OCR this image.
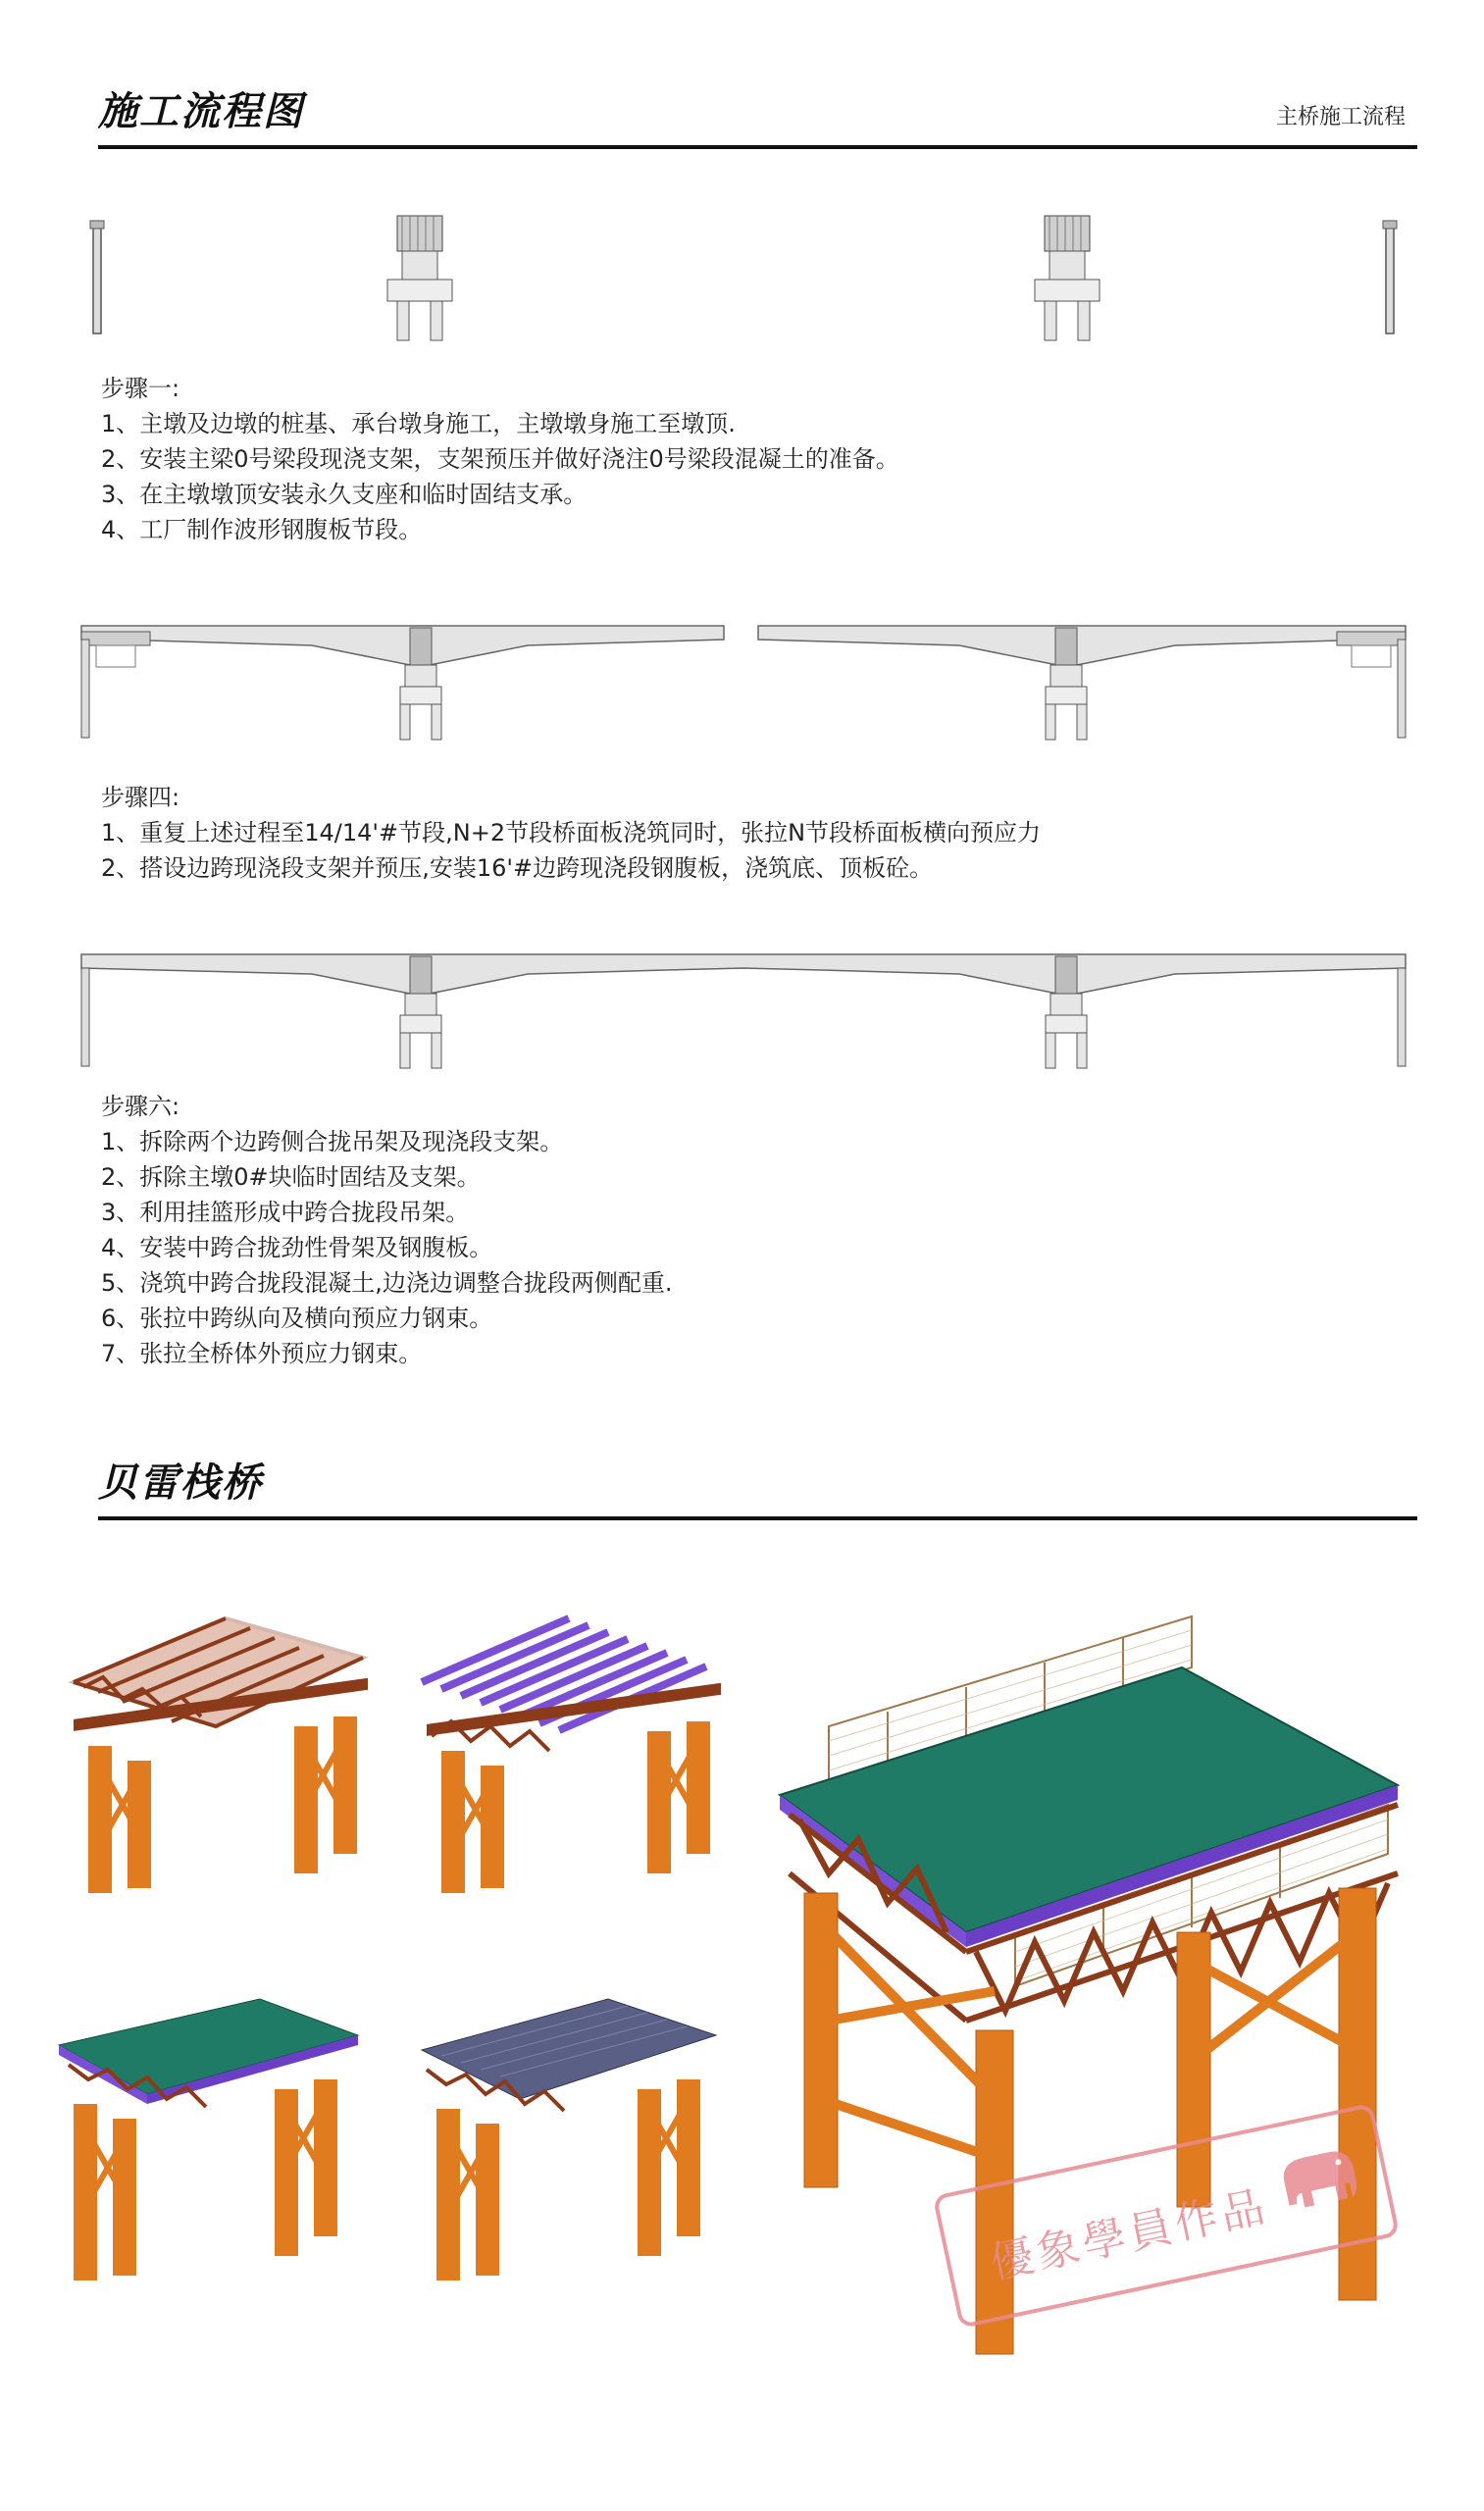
施工流程图	主桥施工流程
步骤一:
1、主墩及边墩的桩基、承台墩身施工，主墩墩身施工至墩顶.
2、安装主梁0号梁段现浇支架，支架预压并做好浇注0号梁段混凝土的准备。
3、在主墩墩顶安装永久支座和临时固结支承。
4、工厂制作波形钢腹板节段。
步骤四:
1、重复上述过程至14/14'#节段,N+2节段桥面板浇筑同时，张拉N节段桥面板横向预应力
2、搭设边跨现浇段支架并预压,安装16'#边跨现浇段钢腹板，浇筑底、顶板砼。
步骤六:
1、拆除两个边跨侧合拢吊架及现浇段支架。
2、拆除主墩0#块临时固结及支架。
3、利用挂篮形成中跨合拢段吊架。
4、安装中跨合拢劲性骨架及钢腹板。
5、浇筑中跨合拢段混凝土,边浇边调整合拢段两侧配重.
6、张拉中跨纵向及横向预应力钢束。
7、张拉全桥体外预应力钢束。
贝雷栈桥
優象學員作品
